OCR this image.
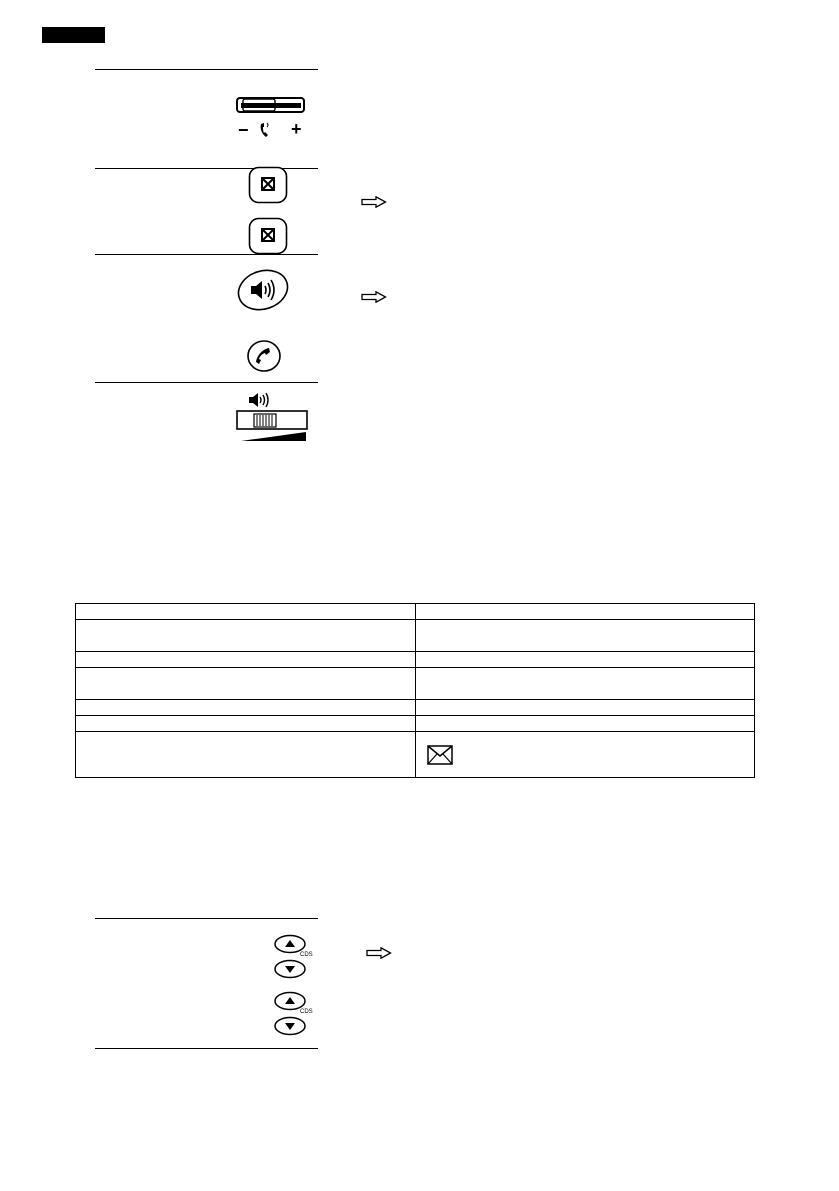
− +

CDS
CDS
